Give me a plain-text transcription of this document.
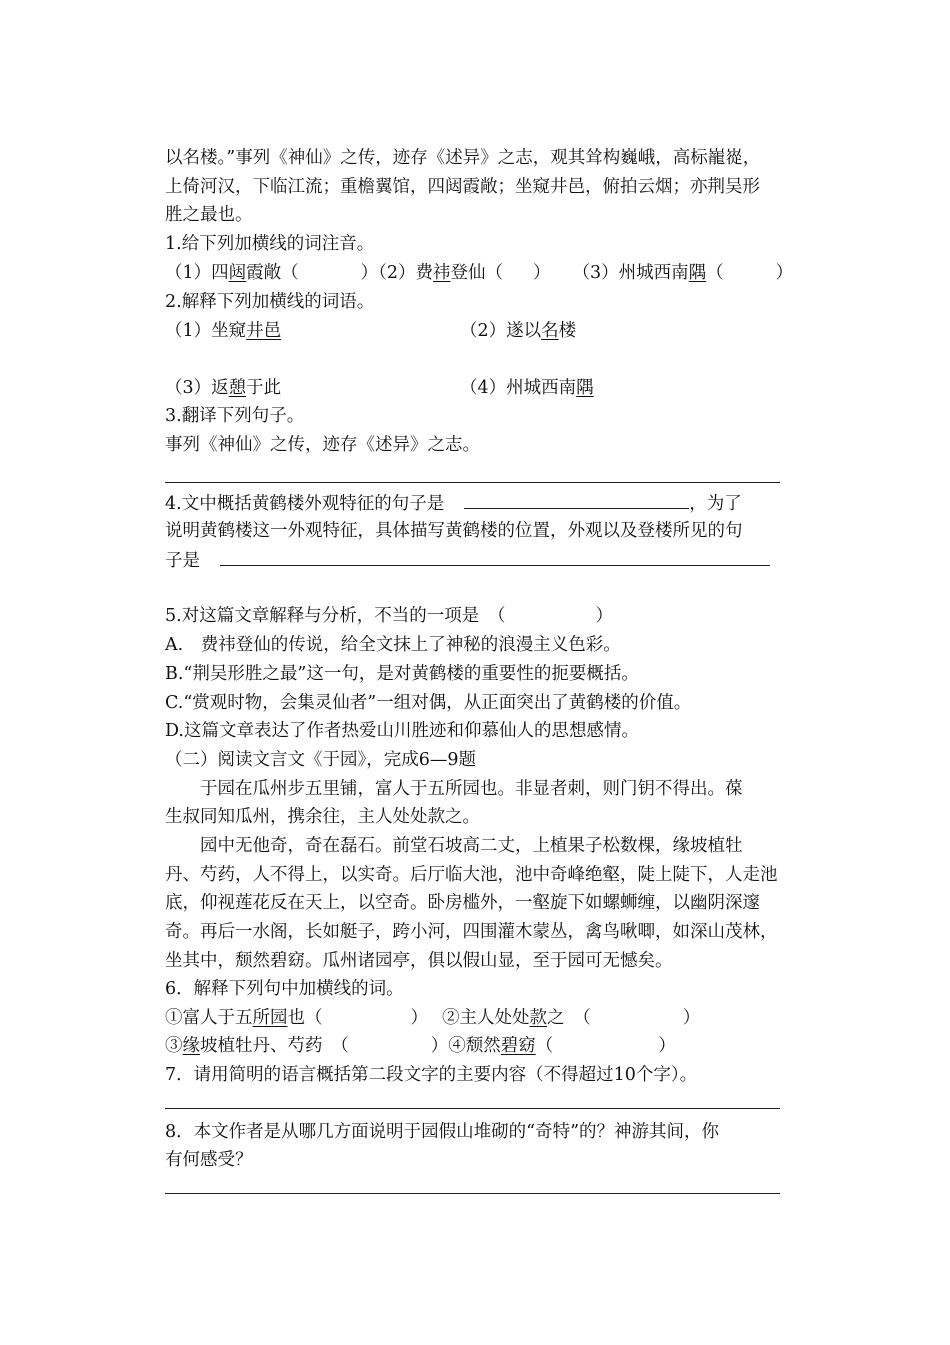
以名楼。”事列《神仙》之传，迹存《述异》之志，观其耸构巍峨，高标巃嵸，
上倚河汉，下临江流；重檐翼馆，四闼霞敞；坐窥井邑，俯拍云烟；亦荆吴形
胜之最也。
1.给下列加横线的词注音。
（1）四闼霞敞（	）（2）费祎登仙（ ） （3）州城西南隅（	）
2.解释下列加横线的词语。
（1）坐窥井邑	（2）遂以名楼
（3）返憩于此	（4）州城西南隅
3.翻译下列句子。
事列《神仙》之传，迹存《述异》之志。
4.文中概括黄鹤楼外观特征的句子是	，为了
说明黄鹤楼这一外观特征，具体描写黄鹤楼的位置，外观以及登楼所见的句
子是
5.对这篇文章解释与分析，不当的一项是　（	）
A.　费祎登仙的传说，给全文抹上了神秘的浪漫主义色彩。
B.“荆吴形胜之最”这一句，是对黄鹤楼的重要性的扼要概括。
C.“赏观时物，会集灵仙者”一组对偶，从正面突出了黄鹤楼的价值。
D.这篇文章表达了作者热爱山川胜迹和仰慕仙人的思想感情。
（二）阅读文言文《于园》，完成6—9题
于园在瓜州步五里铺，富人于五所园也。非显者刺，则门钥不得出。葆
生叔同知瓜州，携余往，主人处处款之。
园中无他奇，奇在磊石。前堂石坡高二丈，上植果子松数棵，缘坡植牡
丹、芍药，人不得上，以实奇。后厅临大池，池中奇峰绝壑，陡上陡下，人走池
底，仰视莲花反在天上，以空奇。卧房槛外，一壑旋下如螺蛳缠，以幽阴深邃
奇。再后一水阁，长如艇子，跨小河，四围灌木蒙丛，禽鸟啾唧，如深山茂林，
坐其中，颓然碧窈。瓜州诸园亭，俱以假山显，至于园可无憾矣。
6．解释下列句中加横线的词。
①富人于五所园也（	） ②主人处处款之　（	）
③缘坡植牡丹、芍药　（	）④颓然碧窈（	）
7．请用简明的语言概括第二段文字的主要内容（不得超过10个字）。
8．本文作者是从哪几方面说明于园假山堆砌的“奇特”的？神游其间，你
有何感受？
